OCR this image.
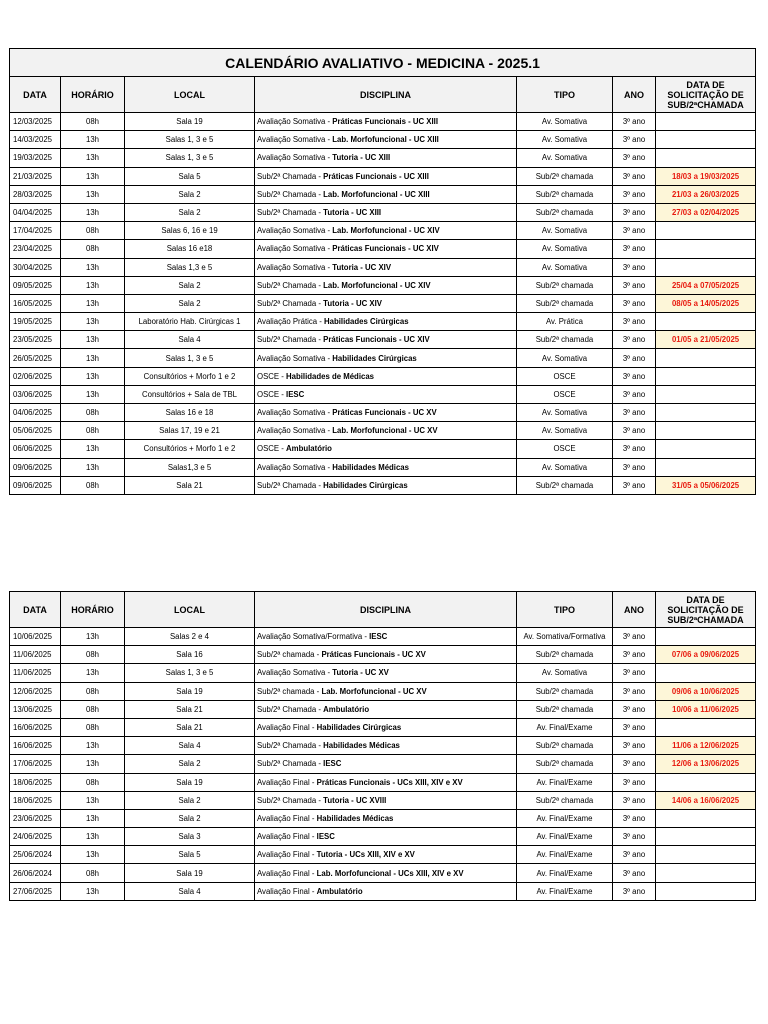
CALENDÁRIO AVALIATIVO - MEDICINA - 2025.1						
DATA	HORÁRIO	LOCAL	DISCIPLINA	TIPO	ANO	DATA DE SOLICITAÇÃO DE SUB/2ªCHAMADA
12/03/2025	08h	Sala 19	Avaliação Somativa - Práticas Funcionais - UC XIII	Av. Somativa	3º ano	
14/03/2025	13h	Salas 1, 3 e 5	Avaliação Somativa - Lab. Morfofuncional - UC XIII	Av. Somativa	3º ano	
19/03/2025	13h	Salas 1, 3 e 5	Avaliação Somativa - Tutoria - UC XIII	Av. Somativa	3º ano	
21/03/2025	13h	Sala 5	Sub/2ª Chamada - Práticas Funcionais - UC XIII	Sub/2ª chamada	3º ano	18/03 a 19/03/2025
28/03/2025	13h	Sala 2	Sub/2ª Chamada - Lab. Morfofuncional - UC XIII	Sub/2ª chamada	3º ano	21/03 a 26/03/2025
04/04/2025	13h	Sala 2	Sub/2ª Chamada - Tutoria - UC XIII	Sub/2ª chamada	3º ano	27/03 a 02/04/2025
17/04/2025	08h	Salas 6, 16 e 19	Avaliação Somativa - Lab. Morfofuncional - UC XIV	Av. Somativa	3º ano	
23/04/2025	08h	Salas 16 e18	Avaliação Somativa - Práticas Funcionais - UC XIV	Av. Somativa	3º ano	
30/04/2025	13h	Salas 1,3 e 5	Avaliação Somativa - Tutoria - UC XIV	Av. Somativa	3º ano	
09/05/2025	13h	Sala 2	Sub/2ª Chamada - Lab. Morfofuncional - UC XIV	Sub/2ª chamada	3º ano	25/04 a 07/05/2025
16/05/2025	13h	Sala 2	Sub/2ª Chamada - Tutoria - UC XIV	Sub/2ª chamada	3º ano	08/05 a 14/05/2025
19/05/2025	13h	Laboratório Hab. Cirúrgicas 1	Avaliação Prática - Habilidades Cirúrgicas	Av. Prática	3º ano	
23/05/2025	13h	Sala 4	Sub/2ª Chamada - Práticas Funcionais - UC XIV	Sub/2ª chamada	3º ano	01/05 a 21/05/2025
26/05/2025	13h	Salas 1, 3 e 5	Avaliação Somativa - Habilidades Cirúrgicas	Av. Somativa	3º ano	
02/06/2025	13h	Consultórios + Morfo 1 e 2	OSCE - Habilidades de Médicas	OSCE	3º ano	
03/06/2025	13h	Consultórios + Sala de TBL	OSCE - IESC	OSCE	3º ano	
04/06/2025	08h	Salas 16 e 18	Avaliação Somativa - Práticas Funcionais - UC XV	Av. Somativa	3º ano	
05/06/2025	08h	Salas 17, 19 e 21	Avaliação Somativa - Lab. Morfofuncional - UC XV	Av. Somativa	3º ano	
06/06/2025	13h	Consultórios + Morfo 1 e 2	OSCE - Ambulatório	OSCE	3º ano	
09/06/2025	13h	Salas1,3 e 5	Avaliação Somativa - Habilidades Médicas	Av. Somativa	3º ano	
09/06/2025	08h	Sala 21	Sub/2ª Chamada - Habilidades Cirúrgicas	Sub/2ª chamada	3º ano	31/05 a 05/06/2025
DATA	HORÁRIO	LOCAL	DISCIPLINA	TIPO	ANO	DATA DE SOLICITAÇÃO DE SUB/2ªCHAMADA
10/06/2025	13h	Salas 2 e 4	Avaliação Somativa/Formativa - IESC	Av. Somativa/Formativa	3º ano	
11/06/2025	08h	Sala 16	Sub/2ª chamada - Práticas Funcionais - UC XV	Sub/2ª chamada	3º ano	07/06 a 09/06/2025
11/06/2025	13h	Salas 1, 3 e 5	Avaliação Somativa - Tutoria - UC XV	Av. Somativa	3º ano	
12/06/2025	08h	Sala 19	Sub/2ª chamada - Lab. Morfofuncional - UC XV	Sub/2ª chamada	3º ano	09/06 a 10/06/2025
13/06/2025	08h	Sala 21	Sub/2ª Chamada - Ambulatório	Sub/2ª chamada	3º ano	10/06 a 11/06/2025
16/06/2025	08h	Sala 21	Avaliação Final - Habilidades Cirúrgicas	Av. Final/Exame	3º ano	
16/06/2025	13h	Sala 4	Sub/2ª Chamada - Habilidades Médicas	Sub/2ª chamada	3º ano	11/06 a 12/06/2025
17/06/2025	13h	Sala 2	Sub/2ª Chamada - IESC	Sub/2ª chamada	3º ano	12/06 a 13/06/2025
18/06/2025	08h	Sala 19	Avaliação Final - Práticas Funcionais - UCs XIII, XIV e XV	Av. Final/Exame	3º ano	
18/06/2025	13h	Sala 2	Sub/2ª Chamada - Tutoria - UC XVIII	Sub/2ª chamada	3º ano	14/06 a 16/06/2025
23/06/2025	13h	Sala 2	Avaliação Final - Habilidades Médicas	Av. Final/Exame	3º ano	
24/06/2025	13h	Sala 3	Avaliação Final - IESC	Av. Final/Exame	3º ano	
25/06/2024	13h	Sala 5	Avaliação Final - Tutoria - UCs XIII, XIV e XV	Av. Final/Exame	3º ano	
26/06/2024	08h	Sala 19	Avaliação Final - Lab. Morfofuncional - UCs XIII, XIV e XV	Av. Final/Exame	3º ano	
27/06/2025	13h	Sala 4	Avaliação Final - Ambulatório	Av. Final/Exame	3º ano	
